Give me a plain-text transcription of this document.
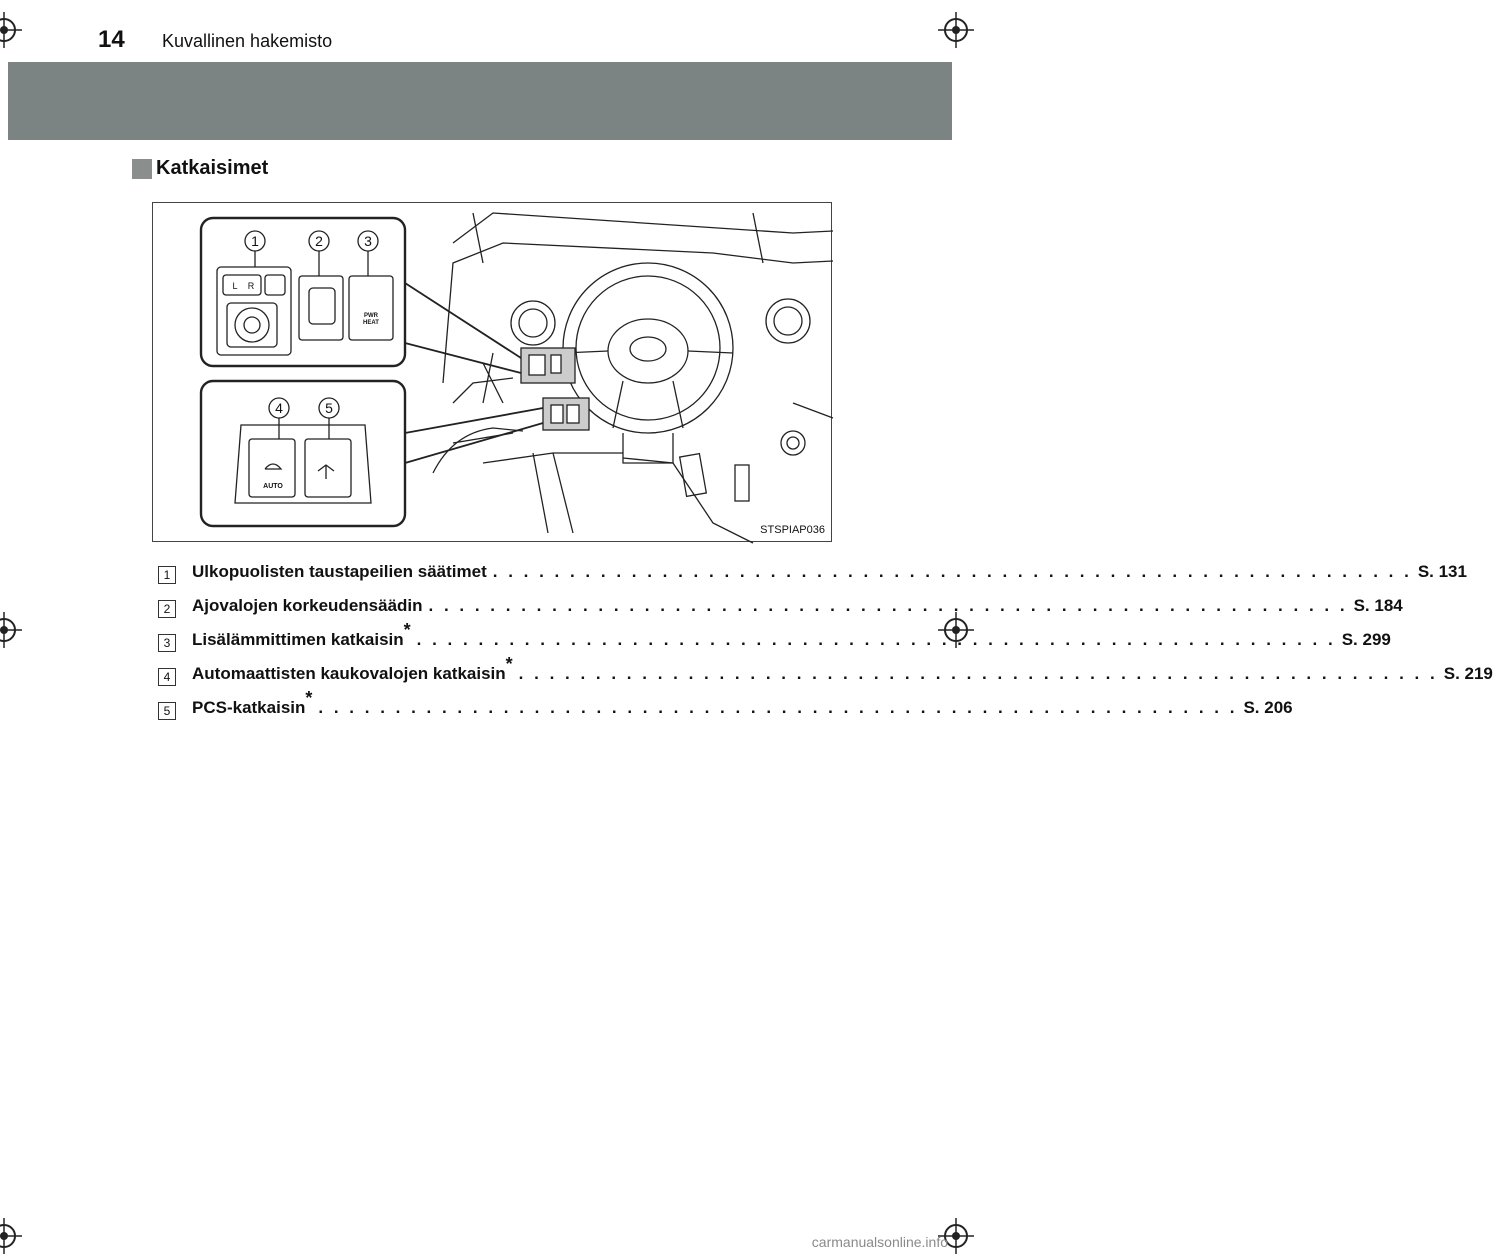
14 Kuvallinen hakemisto
Katkaisimet
1	2	3
4	5
L R
PWR
HEAT
AUTO
STSPIAP036
1	Ulkopuolisten taustapeilien säätimet . . . . . . . . . . . . . . . . . . . . . . . . . . . . . . . . . . . . . . . . . . . . . . . . . . . . . . . . . . . . S. 131
2	Ajovalojen korkeudensäädin . . . . . . . . . . . . . . . . . . . . . . . . . . . . . . . . . . . . . . . . . . . . . . . . . . . . . . . . . . . . S. 184
3	Lisälämmittimen katkaisin* . . . . . . . . . . . . . . . . . . . . . . . . . . . . . . . . . . . . . . . . . . . . . . . . . . . . . . . . . . . . S. 299
4	Automaattisten kaukovalojen katkaisin* . . . . . . . . . . . . . . . . . . . . . . . . . . . . . . . . . . . . . . . . . . . . . . . . . . . . . . . . . . . . S. 219
5	PCS-katkaisin* . . . . . . . . . . . . . . . . . . . . . . . . . . . . . . . . . . . . . . . . . . . . . . . . . . . . . . . . . . . . S. 206
carmanualsonline.info
